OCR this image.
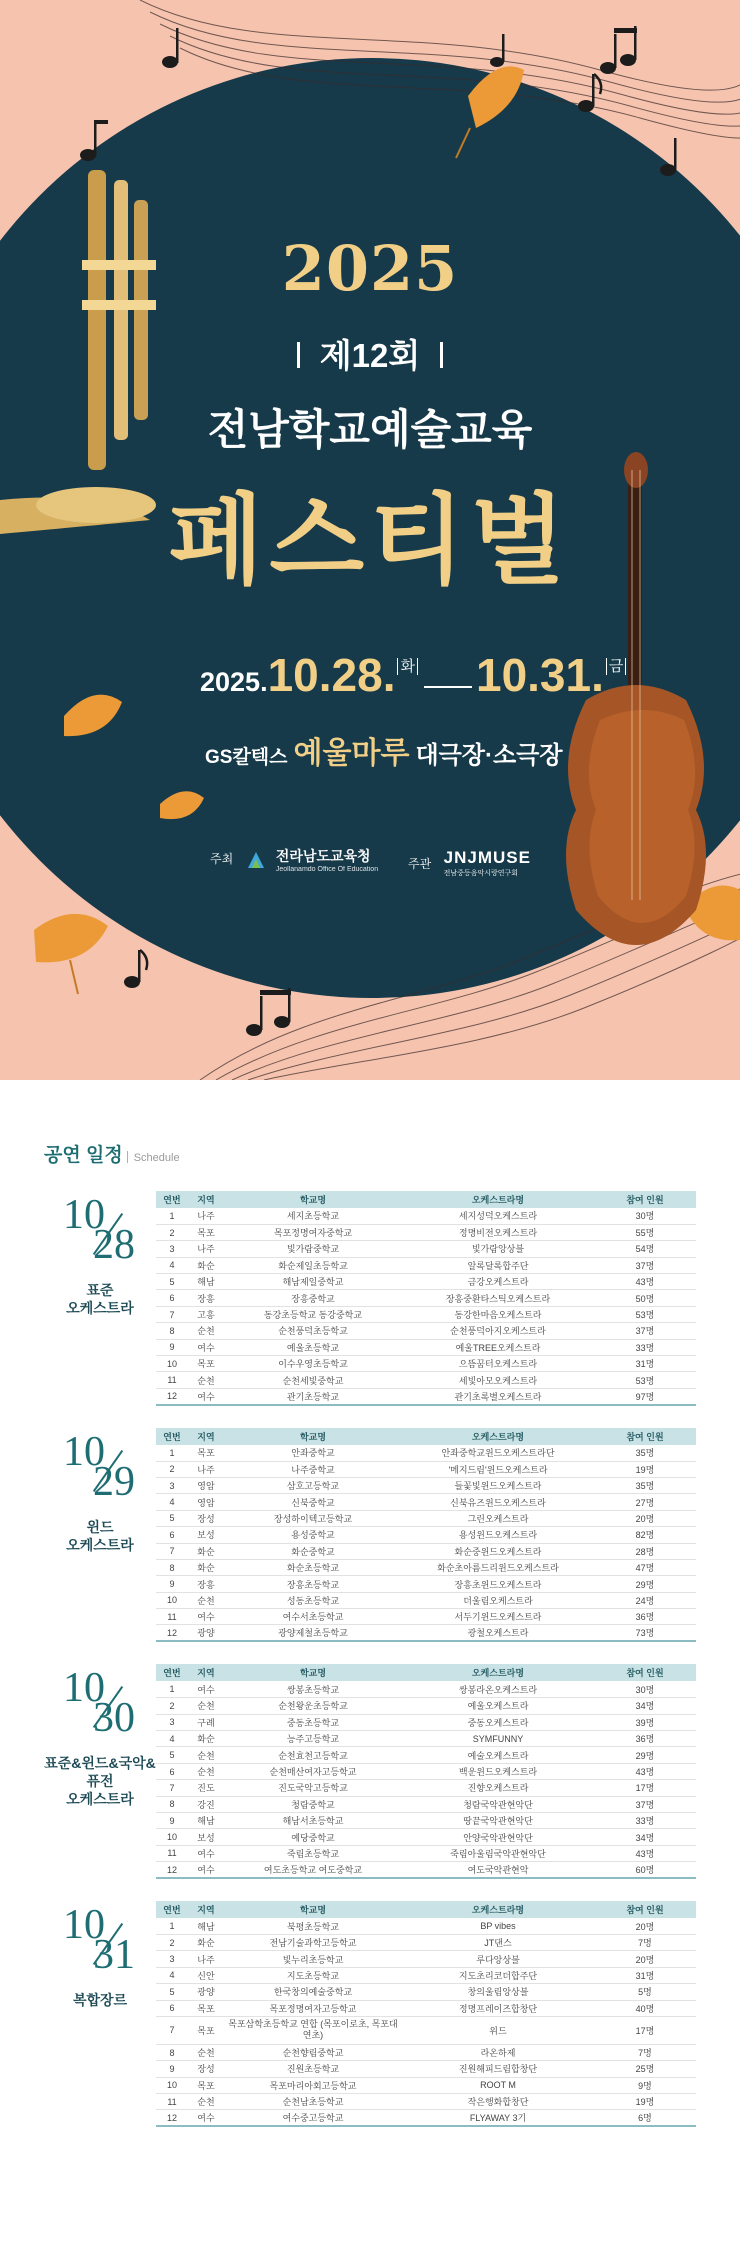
2025
제12회
전남학교예술교육
페스티벌
2025.10.28. 화 10.31. 금
GS칼텍스 예울마루 대극장·소극장
주최	전라남도교육청
Jeollanamdo Office Of Education 주관 JNJMUSE
전남중등음악시랑연구회
공연 일정 Schedule
10
28
표준
오케스트라
연번	지역	학교명	오케스트라명	참여 인원
1	나주	세지초등학교	세지성덕오케스트라	30명
2	목포	목포정명여자중학교	정명비전오케스트라	55명
3	나주	빛가람중학교	빛가람앙상블	54명
4	화순	화순제일초등학교	알록달록합주단	37명
5	해남	해남제일중학교	금강오케스트라	43명
6	장흥	장흥중학교	장흥중환타스틱오케스트라	50명
7	고흥	동강초등학교 동강중학교	동강한마음오케스트라	53명
8	순천	순천풍덕초등학교	순천풍덕아지오케스트라	37명
9	여수	예울초등학교	예울TREE오케스트라	33명
10	목포	이수우영초등학교	으뜸꿈터오케스트라	31명
11	순천	순천세빛중학교	세빛아모오케스트라	53명
12	여수	관기초등학교	관기초록별오케스트라	97명
10
29
윈드
오케스트라
연번	지역	학교명	오케스트라명	참여 인원
1	목포	안좌중학교	안좌중학교윈드오케스트라단	35명
2	나주	나주중학교	'메지드림'윈드오케스트라	19명
3	영암	삼호고등학교	들꽃빛윈드오케스트라	35명
4	영암	신북중학교	신북유즈윈드오케스트라	27명
5	장성	장성하이텍고등학교	그린오케스트라	20명
6	보성	용성중학교	용성윈드오케스트라	82명
7	화순	화순중학교	화순중윈드오케스트라	28명
8	화순	화순초등학교	화순초아름드리윈드오케스트라	47명
9	장흥	장흥초등학교	장흥초윈드오케스트라	29명
10	순천	성동초등학교	더울림오케스트라	24명
11	여수	여수서초등학교	서두기윈드오케스트라	36명
12	광양	광양제철초등학교	광철오케스트라	73명
10
30
표준&윈드&국악&퓨전
오케스트라
연번	지역	학교명	오케스트라명	참여 인원
1	여수	쌍봉초등학교	쌍봉라온오케스트라	30명
2	순천	순천왕운초등학교	예울오케스트라	34명
3	구례	중동초등학교	중동오케스트라	39명
4	화순	능주고등학교	SYMFUNNY	36명
5	순천	순천효천고등학교	예술오케스트라	29명
6	순천	순천매산여자고등학교	백운윈드오케스트라	43명
7	진도	진도국악고등학교	진향오케스트라	17명
8	강진	청람중학교	청람국악관현악단	37명
9	해남	해남서초등학교	땅끝국악관현악단	33명
10	보성	예당중학교	안양국악관현악단	34명
11	여수	죽림초등학교	죽림아울림국악관현악단	43명
12	여수	여도초등학교 여도중학교	여도국악관현악	60명
10
31
복합장르
연번	지역	학교명	오케스트라명	참여 인원
1	해남	북평초등학교	BP vibes	20명
2	화순	전남기술과학고등학교	JT댄스	7명
3	나주	빛누리초등학교	루다앙상블	20명
4	신안	지도초등학교	지도초리코더합주단	31명
5	광양	한국창의예술중학교	창의울림앙상블	5명
6	목포	목포정명여자고등학교	정명프레이즈합창단	40명
7	목포	목포삼학초등학교 연합 (목포이로초, 목포대연초)	위드	17명
8	순천	순천향림중학교	라온하제	7명
9	장성	진원초등학교	진원해피드림합창단	25명
10	목포	목포마리아회고등학교	ROOT M	9명
11	순천	순천남초등학교	작은행화합창단	19명
12	여수	여수중고등학교	FLYAWAY 3기	6명
